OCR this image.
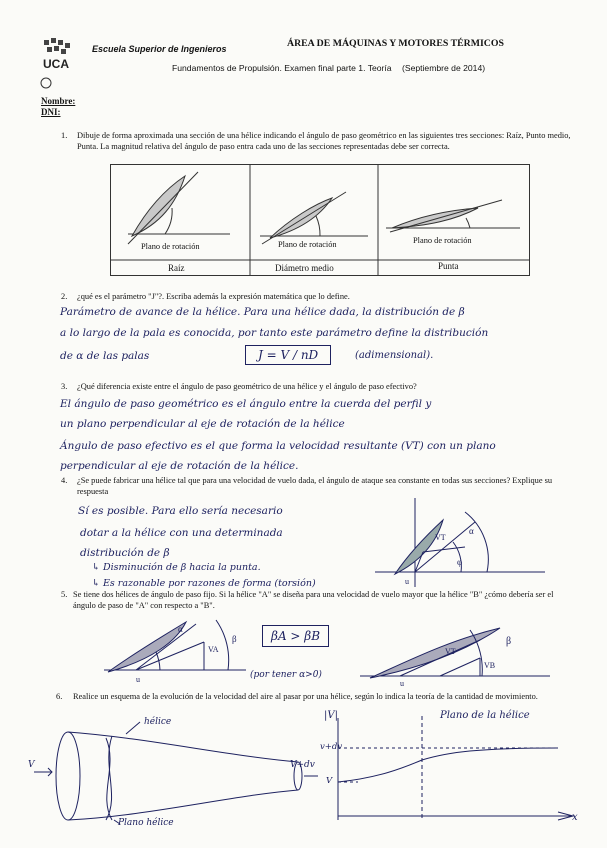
UCA
Escuela Superior de Ingenieros	ÁREA DE MÁQUINAS Y MOTORES TÉRMICOS
Fundamentos de Propulsión. Examen final parte 1. Teoría (Septiembre de 2014)
Nombre:
DNI:
1. Dibuje de forma aproximada una sección de una hélice indicando el ángulo de paso geométrico en las siguientes tres secciones: Raíz, Punto medio, Punta. La magnitud relativa del ángulo de paso entra cada uno de las secciones representadas debe ser correcta.
Plano de rotación	Plano de rotación	Plano de rotación
Raíz	Diámetro medio	Punta
2. ¿qué es el parámetro "J"?. Escriba además la expresión matemática que lo define.
Parámetro de avance de la hélice. Para una hélice dada, la distribución de β
a lo largo de la pala es conocida, por tanto este parámetro define la distribución
de α de las palas	J = V / nD	(adimensional).
3. ¿Qué diferencia existe entre el ángulo de paso geométrico de una hélice y el ángulo de paso efectivo?
El ángulo de paso geométrico es el ángulo entre la cuerda del perfil y
un plano perpendicular al eje de rotación de la hélice
Ángulo de paso efectivo es el que forma la velocidad resultante (VT) con un plano
perpendicular al eje de rotación de la hélice.
4. ¿Se puede fabricar una hélice tal que para una velocidad de vuelo dada, el ángulo de ataque sea constante en todas sus secciones? Explique su respuesta
Sí es posible. Para ello sería necesario
dotar a la hélice con una determinada
distribución de β
↳ Disminución de β hacia la punta.
↳ Es razonable por razones de forma (torsión)
VT
α
φ
u
5. Se tiene dos hélices de ángulo de paso fijo. Si la hélice "A" se diseña para una velocidad de vuelo mayor que la hélice "B" ¿cómo debería ser el ángulo de paso de "A" con respecto a "B".
α
VA
β
u
βA > βB
(por tener α>0)
VT
VB
β
u
6. Realice un esquema de la evolución de la velocidad del aire al pasar por una hélice, según lo indica la teoría de la cantidad de movimiento.
hélice
Plano hélice
V	V+dv
|V|	Plano de la hélice
v+dv
V
x
